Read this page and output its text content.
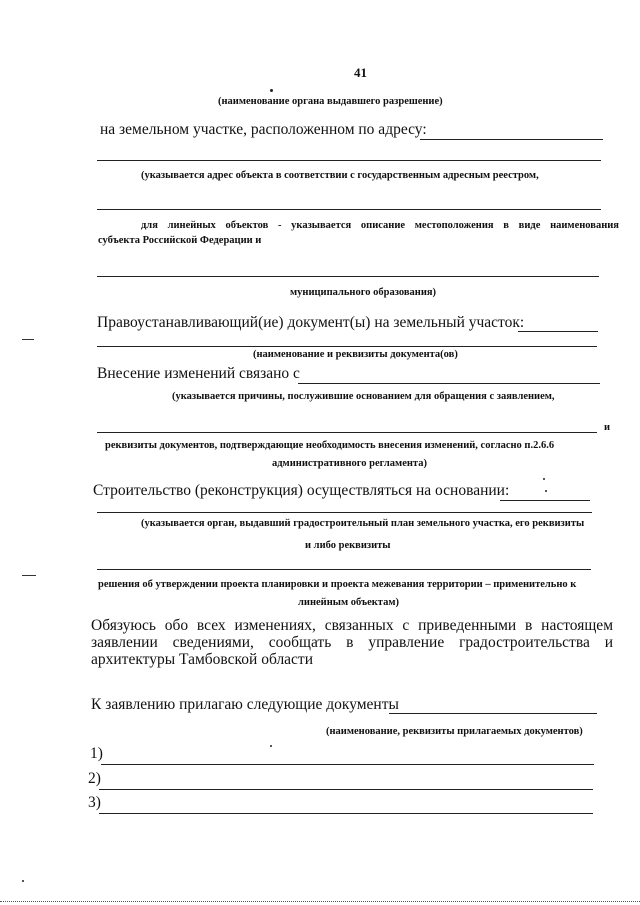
41
(наименование органа выдавшего разрешение)
на земельном участке, расположенном по адресу:
(указывается адрес объекта в соответствии с государственным адресным реестром,
для линейных объектов - указывается описание местоположения в виде наименования
субъекта Российской Федерации и
муниципального образования)
Правоустанавливающий(ие) документ(ы) на земельный участок:
(наименование и реквизиты документа(ов)
Внесение изменений связано с
(указывается причины, послужившие основанием для обращения с заявлением,
и
реквизиты документов, подтверждающие необходимость внесения изменений, согласно п.2.6.6
административного регламента)
Строительство (реконструкция) осуществляться на основании:
(указывается орган, выдавший градостроительный план земельного участка, его реквизиты
и либо реквизиты
решения об утверждении проекта планировки и проекта межевания территории – применительно к
линейным объектам)
Обязуюсь обо всех изменениях, связанных с приведенными в настоящем
заявлении сведениями, сообщать в управление градостроительства и
архитектуры Тамбовской области
К заявлению прилагаю следующие документы
(наименование, реквизиты прилагаемых документов)
1)
2)
3)
